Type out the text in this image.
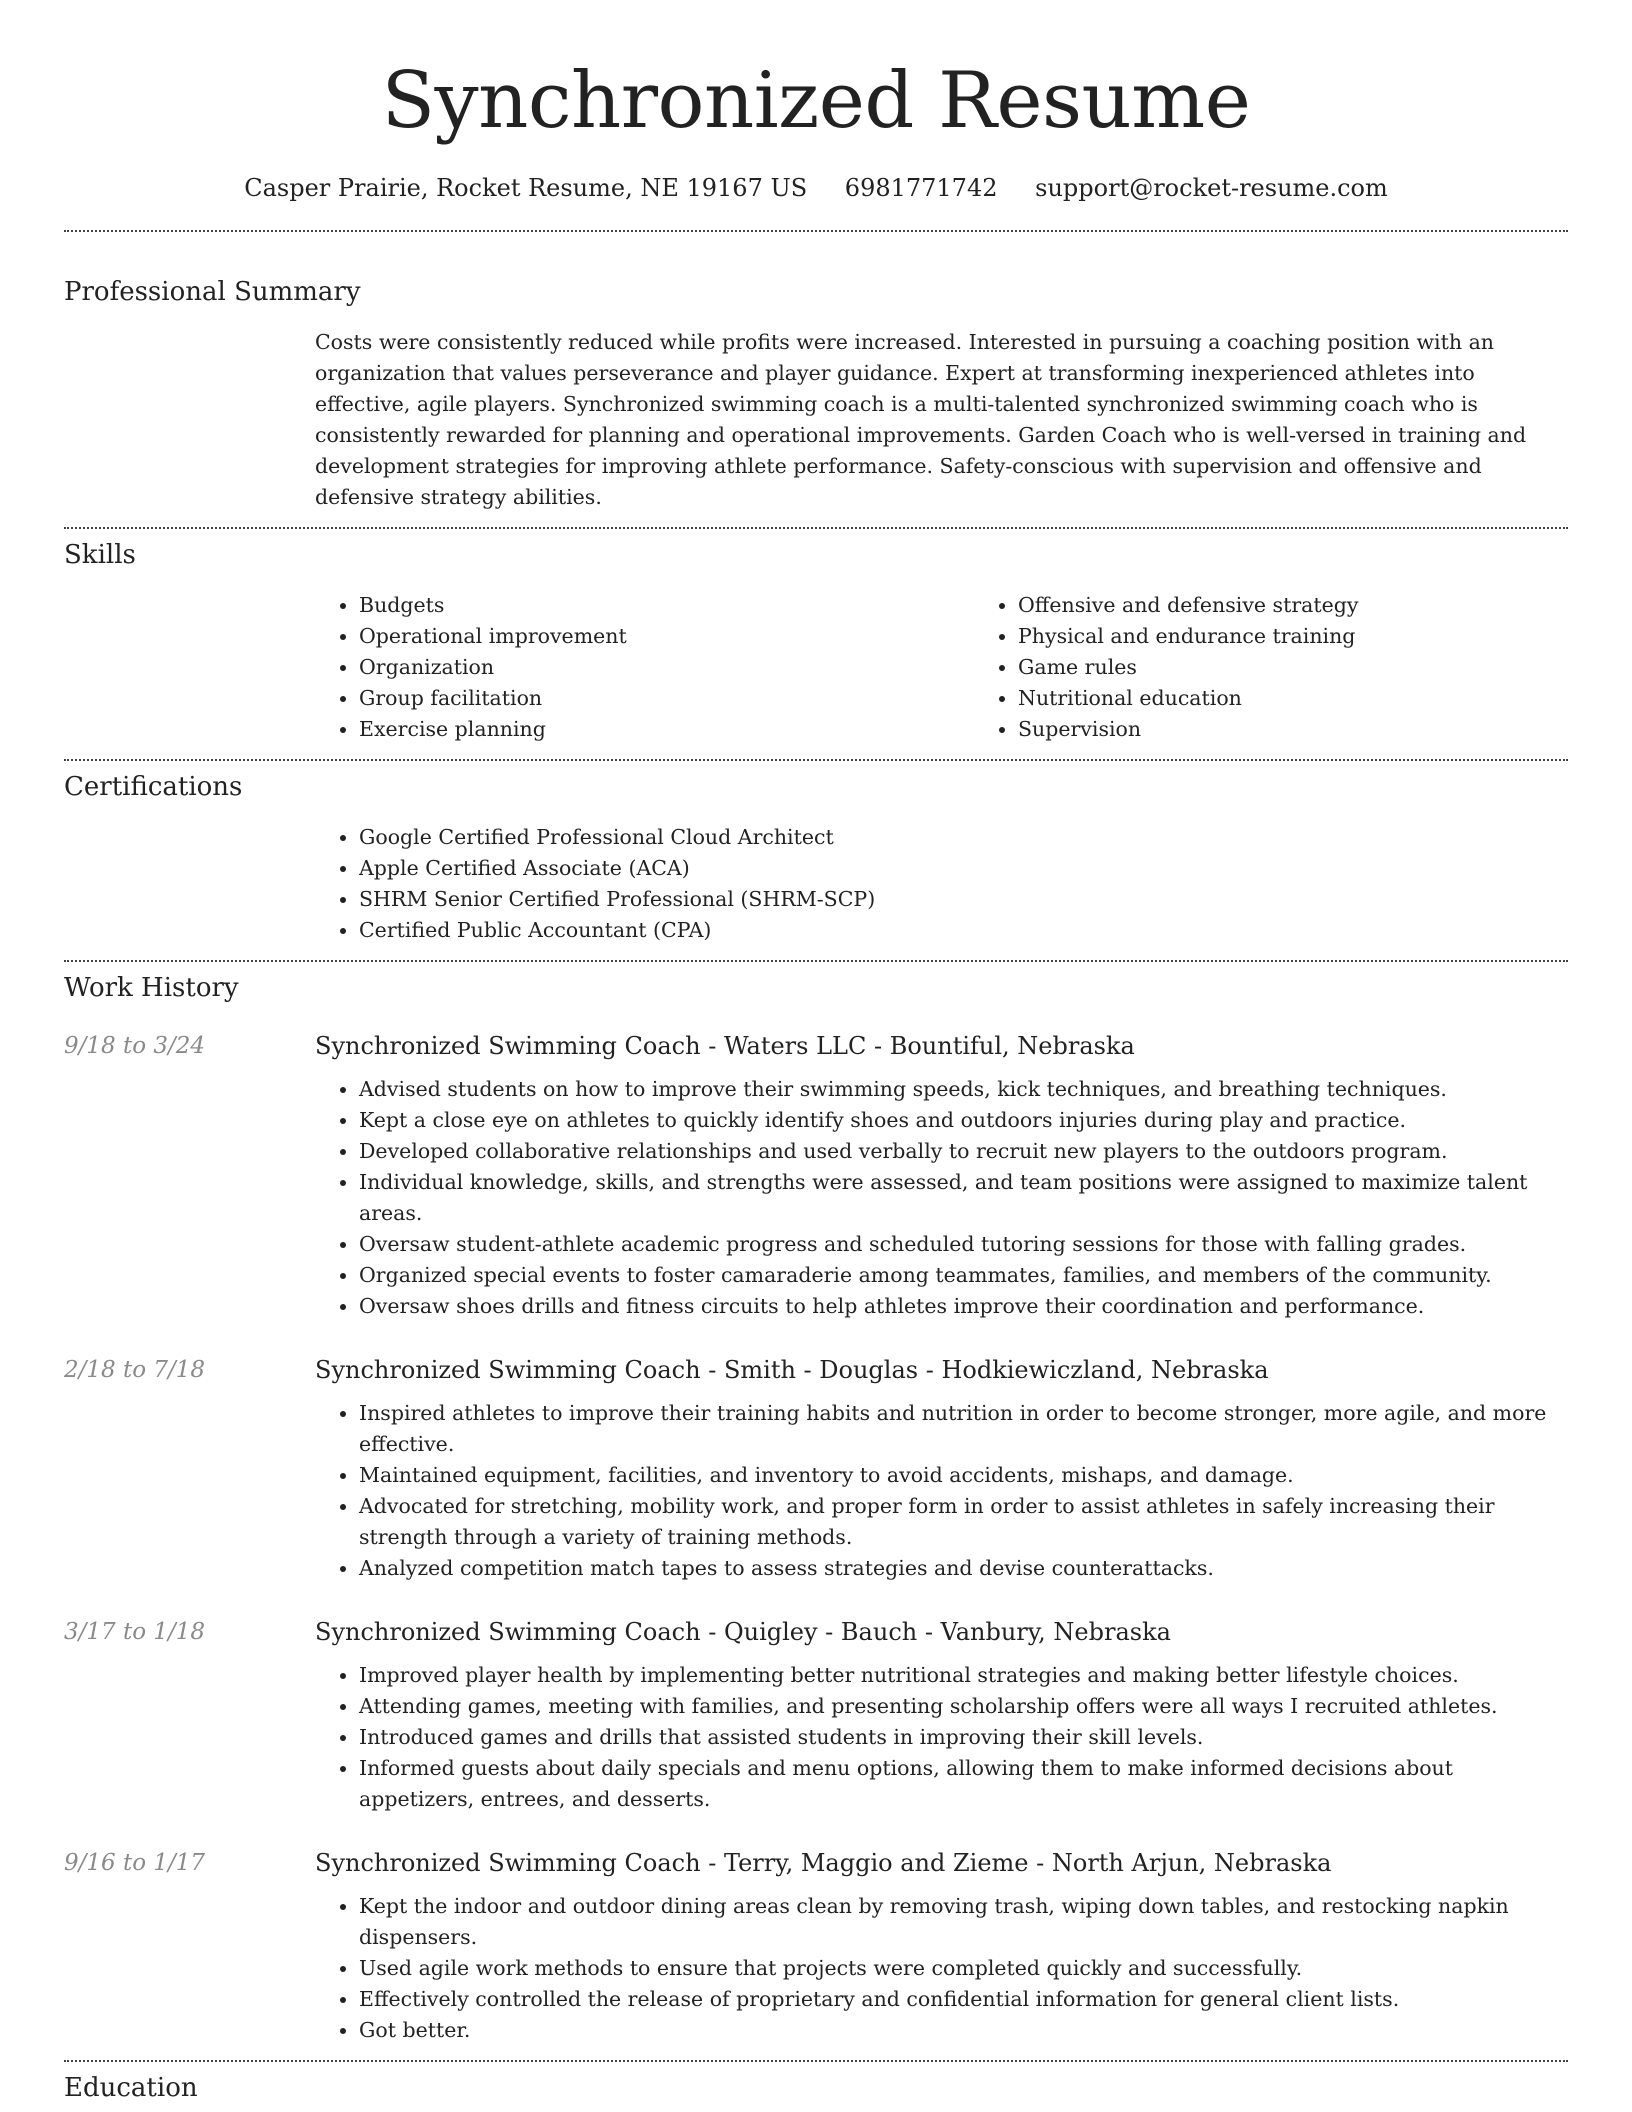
Synchronized Resume
Casper Prairie, Rocket Resume, NE 19167 US 6981771742 support@rocket-resume.com
Professional Summary

Costs were consistently reduced while profits were increased. Interested in pursuing a coaching position with an organization that values perseverance and player guidance. Expert at transforming inexperienced athletes into effective, agile players. Synchronized swimming coach is a multi-talented synchronized swimming coach who is consistently rewarded for planning and operational improvements. Garden Coach who is well-versed in training and development strategies for improving athlete performance. Safety-conscious with supervision and offensive and defensive strategy abilities.

Skills
• Budgets
• Operational improvement
• Organization
• Group facilitation
• Exercise planning
• Offensive and defensive strategy
• Physical and endurance training
• Game rules
• Nutritional education
• Supervision
Certifications
• Google Certified Professional Cloud Architect
• Apple Certified Associate (ACA)
• SHRM Senior Certified Professional (SHRM-SCP)
• Certified Public Accountant (CPA)
Work History
9/18 to 3/24	Synchronized Swimming Coach - Waters LLC - Bountiful, Nebraska
• Advised students on how to improve their swimming speeds, kick techniques, and breathing techniques.
• Kept a close eye on athletes to quickly identify shoes and outdoors injuries during play and practice.
• Developed collaborative relationships and used verbally to recruit new players to the outdoors program.
• Individual knowledge, skills, and strengths were assessed, and team positions were assigned to maximize talent areas.
• Oversaw student-athlete academic progress and scheduled tutoring sessions for those with falling grades.
• Organized special events to foster camaraderie among teammates, families, and members of the community.
• Oversaw shoes drills and fitness circuits to help athletes improve their coordination and performance.
2/18 to 7/18	Synchronized Swimming Coach - Smith - Douglas - Hodkiewiczland, Nebraska
• Inspired athletes to improve their training habits and nutrition in order to become stronger, more agile, and more effective.
• Maintained equipment, facilities, and inventory to avoid accidents, mishaps, and damage.
• Advocated for stretching, mobility work, and proper form in order to assist athletes in safely increasing their strength through a variety of training methods.
• Analyzed competition match tapes to assess strategies and devise counterattacks.
3/17 to 1/18	Synchronized Swimming Coach - Quigley - Bauch - Vanbury, Nebraska
• Improved player health by implementing better nutritional strategies and making better lifestyle choices.
• Attending games, meeting with families, and presenting scholarship offers were all ways I recruited athletes.
• Introduced games and drills that assisted students in improving their skill levels.
• Informed guests about daily specials and menu options, allowing them to make informed decisions about appetizers, entrees, and desserts.
9/16 to 1/17	Synchronized Swimming Coach - Terry, Maggio and Zieme - North Arjun, Nebraska
• Kept the indoor and outdoor dining areas clean by removing trash, wiping down tables, and restocking napkin dispensers.
• Used agile work methods to ensure that projects were completed quickly and successfully.
• Effectively controlled the release of proprietary and confidential information for general client lists.
• Got better.
Education
